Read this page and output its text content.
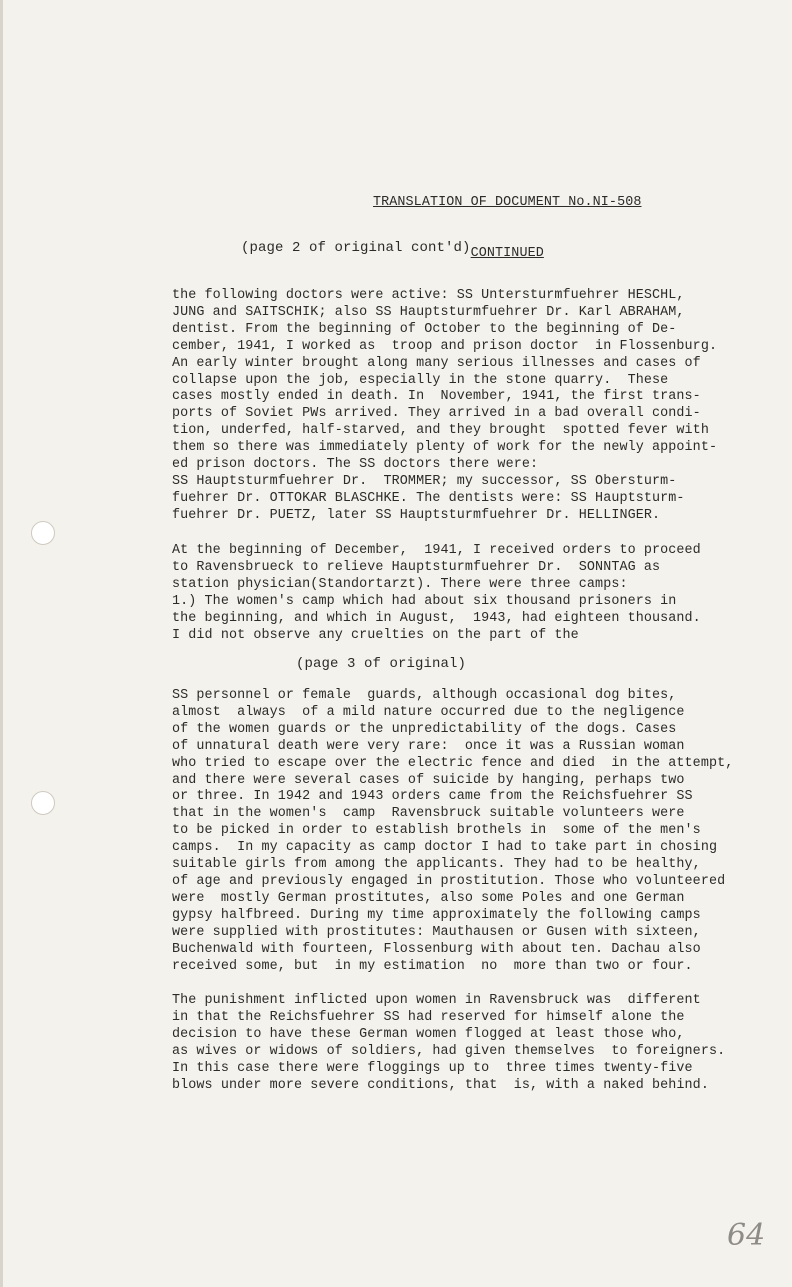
TRANSLATION OF DOCUMENT No.NI-508

CONTINUED

(page 2 of original cont'd)

the following doctors were active: SS Untersturmfuehrer HESCHL,
JUNG and SAITSCHIK; also SS Hauptsturmfuehrer Dr. Karl ABRAHAM,
dentist. From the beginning of October to the beginning of De-
cember, 1941, I worked as  troop and prison doctor  in Flossenburg.
An early winter brought along many serious illnesses and cases of
collapse upon the job, especially in the stone quarry.  These
cases mostly ended in death. In  November, 1941, the first trans-
ports of Soviet PWs arrived. They arrived in a bad overall condi-
tion, underfed, half-starved, and they brought  spotted fever with
them so there was immediately plenty of work for the newly appoint-
ed prison doctors. The SS doctors there were:
SS Hauptsturmfuehrer Dr.  TROMMER; my successor, SS Obersturm-
fuehrer Dr. OTTOKAR BLASCHKE. The dentists were: SS Hauptsturm-
fuehrer Dr. PUETZ, later SS Hauptsturmfuehrer Dr. HELLINGER.

At the beginning of December,  1941, I received orders to proceed
to Ravensbrueck to relieve Hauptsturmfuehrer Dr.  SONNTAG as
station physician(Standortarzt). There were three camps:
1.) The women's camp which had about six thousand prisoners in
the beginning, and which in August,  1943, had eighteen thousand.
I did not observe any cruelties on the part of the

(page 3 of original)

SS personnel or female  guards, although occasional dog bites,
almost  always  of a mild nature occurred due to the negligence
of the women guards or the unpredictability of the dogs. Cases
of unnatural death were very rare:  once it was a Russian woman
who tried to escape over the electric fence and died  in the attempt,
and there were several cases of suicide by hanging, perhaps two
or three. In 1942 and 1943 orders came from the Reichsfuehrer SS
that in the women's  camp  Ravensbruck suitable volunteers were
to be picked in order to establish brothels in  some of the men's
camps.  In my capacity as camp doctor I had to take part in chosing
suitable girls from among the applicants. They had to be healthy,
of age and previously engaged in prostitution. Those who volunteered
were  mostly German prostitutes, also some Poles and one German
gypsy halfbreed. During my time approximately the following camps
were supplied with prostitutes: Mauthausen or Gusen with sixteen,
Buchenwald with fourteen, Flossenburg with about ten. Dachau also
received some, but  in my estimation  no  more than two or four.

The punishment inflicted upon women in Ravensbruck was  different
in that the Reichsfuehrer SS had reserved for himself alone the
decision to have these German women flogged at least those who,
as wives or widows of soldiers, had given themselves  to foreigners.
In this case there were floggings up to  three times twenty-five
blows under more severe conditions, that  is, with a naked behind.

64
